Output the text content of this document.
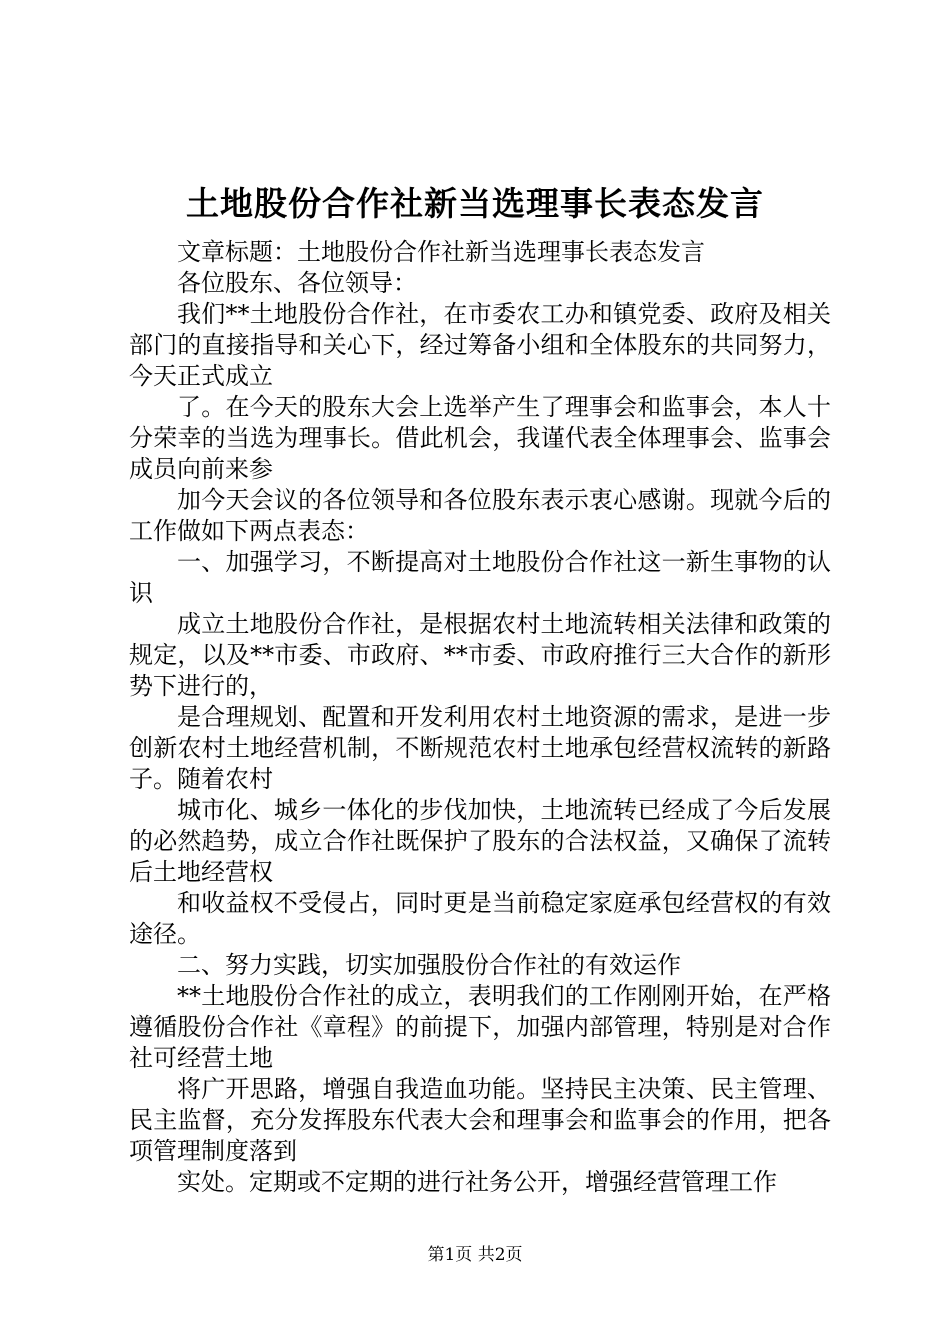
土地股份合作社新当选理事长表态发言

文章标题：土地股份合作社新当选理事长表态发言

各位股东、各位领导：

我们**土地股份合作社，在市委农工办和镇党委、政府及相关部门的直接指导和关心下，经过筹备小组和全体股东的共同努力，今天正式成立

了。在今天的股东大会上选举产生了理事会和监事会，本人十分荣幸的当选为理事长。借此机会，我谨代表全体理事会、监事会成员向前来参

加今天会议的各位领导和各位股东表示衷心感谢。现就今后的工作做如下两点表态：

一、加强学习，不断提高对土地股份合作社这一新生事物的认识

成立土地股份合作社，是根据农村土地流转相关法律和政策的规定，以及**市委、市政府、**市委、市政府推行三大合作的新形势下进行的，

是合理规划、配置和开发利用农村土地资源的需求，是进一步创新农村土地经营机制，不断规范农村土地承包经营权流转的新路子。随着农村

城市化、城乡一体化的步伐加快，土地流转已经成了今后发展的必然趋势，成立合作社既保护了股东的合法权益，又确保了流转后土地经营权

和收益权不受侵占，同时更是当前稳定家庭承包经营权的有效途径。

二、努力实践，切实加强股份合作社的有效运作

**土地股份合作社的成立，表明我们的工作刚刚开始，在严格遵循股份合作社《章程》的前提下，加强内部管理，特别是对合作社可经营土地

将广开思路，增强自我造血功能。坚持民主决策、民主管理、民主监督，充分发挥股东代表大会和理事会和监事会的作用，把各项管理制度落到

实处。定期或不定期的进行社务公开，增强经营管理工作

第1页 共2页
